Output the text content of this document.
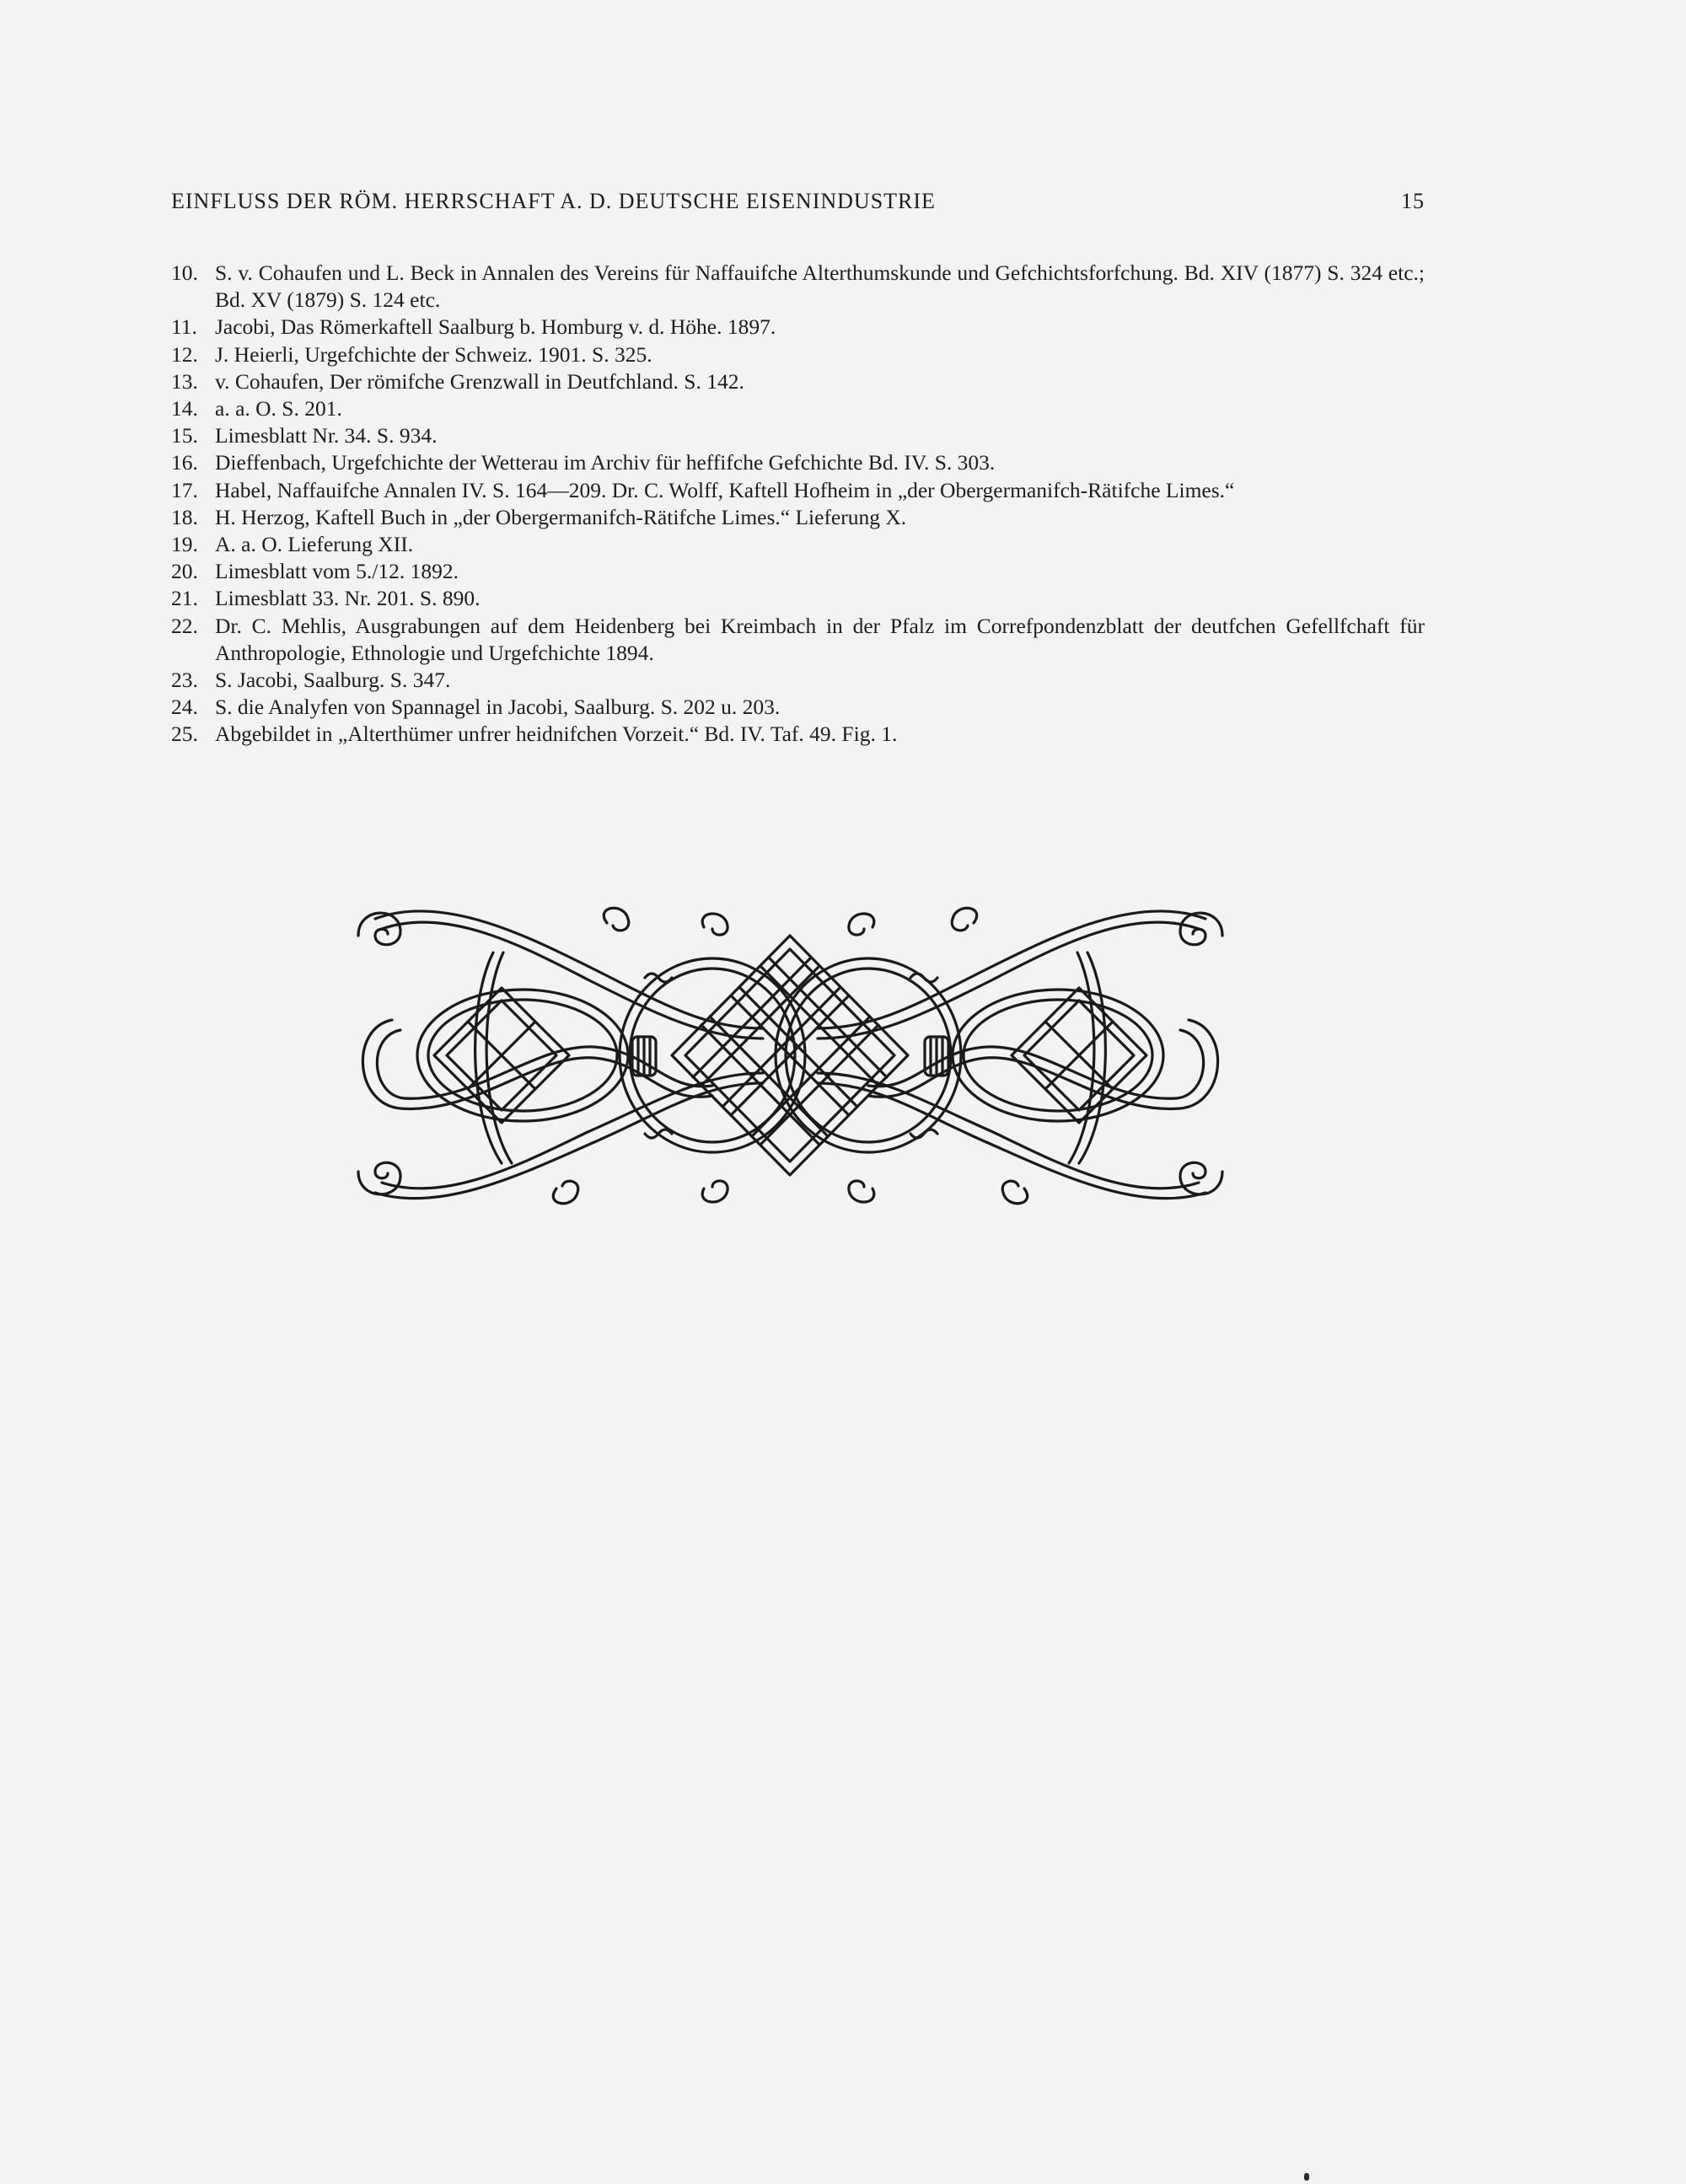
EINFLUSS DER RÖM. HERRSCHAFT A. D. DEUTSCHE EISENINDUSTRIE	15
10. S. v. Cohaufen und L. Beck in Annalen des Vereins für Naffauifche Alterthumskunde und Gefchichtsforfchung. Bd. XIV (1877) S. 324 etc.; Bd. XV (1879) S. 124 etc.
11. Jacobi, Das Römerkaftell Saalburg b. Homburg v. d. Höhe. 1897.
12. J. Heierli, Urgefchichte der Schweiz. 1901. S. 325.
13. v. Cohaufen, Der römifche Grenzwall in Deutfchland. S. 142.
14. a. a. O. S. 201.
15. Limesblatt Nr. 34. S. 934.
16. Dieffenbach, Urgefchichte der Wetterau im Archiv für heffifche Gefchichte Bd. IV. S. 303.
17. Habel, Naffauifche Annalen IV. S. 164—209. Dr. C. Wolff, Kaftell Hofheim in „der Obergermanifch-Rätifche Limes.“
18. H. Herzog, Kaftell Buch in „der Obergermanifch-Rätifche Limes.“ Lieferung X.
19. A. a. O. Lieferung XII.
20. Limesblatt vom 5./12. 1892.
21. Limesblatt 33. Nr. 201. S. 890.
22. Dr. C. Mehlis, Ausgrabungen auf dem Heidenberg bei Kreimbach in der Pfalz im Correfpondenzblatt der deutfchen Gefellfchaft für Anthropologie, Ethnologie und Urgefchichte 1894.
23. S. Jacobi, Saalburg. S. 347.
24. S. die Analyfen von Spannagel in Jacobi, Saalburg. S. 202 u. 203.
25. Abgebildet in „Alterthümer unfrer heidnifchen Vorzeit.“ Bd. IV. Taf. 49. Fig. 1.
